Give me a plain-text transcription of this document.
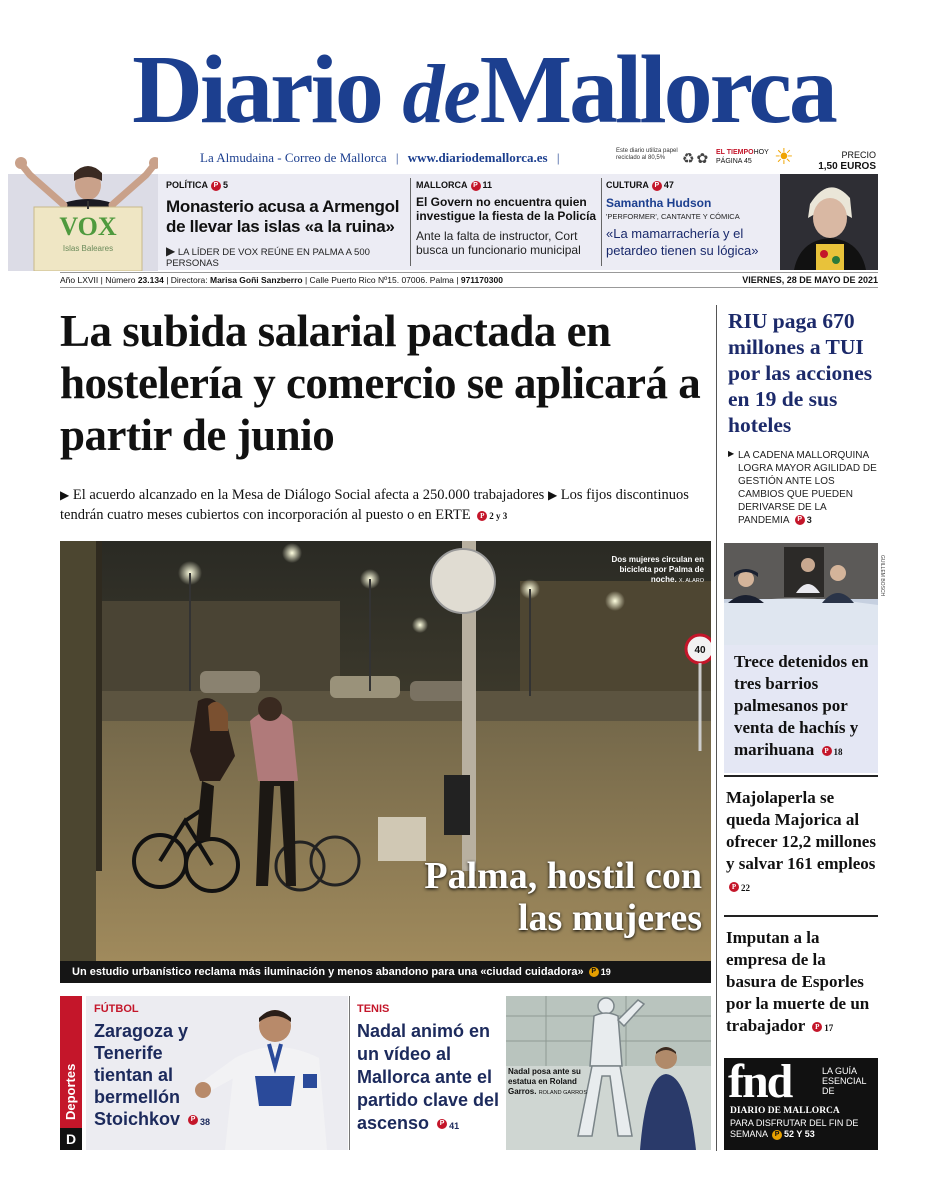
Diario deMallorca
La Almudaina - Correo de Mallorca | www.diariodemallorca.es |	Este diario utiliza papel reciclado al 80,5%	♻✿ EL TIEMPOHOY
PÁGINA 45	☀	PRECIO
1,50 EUROS
VOX
Islas Baleares
POLÍTICA P 5
Monasterio acusa a Armengol de llevar las islas «a la ruina»
▶ LA LÍDER DE VOX REÚNE EN PALMA A 500 PERSONAS
MALLORCA P 11
El Govern no encuentra quien investigue la fiesta de la Policía
Ante la falta de instructor, Cort busca un funcionario municipal
CULTURA P 47
Samantha Hudson
'PERFORMER', CANTANTE Y CÓMICA
«La mamarrachería y el petardeo tienen su lógica»
Año LXVII | Número 23.134 | Directora: Marisa Goñi Sanzberro | Calle Puerto Rico Nº15. 07006. Palma | 971170300	VIERNES, 28 DE MAYO DE 2021
La subida salarial pactada en hostelería y comercio se aplicará a partir de junio
▶ El acuerdo alcanzado en la Mesa de Diálogo Social afecta a 250.000 trabajadores ▶ Los fijos discontinuos tendrán cuatro meses cubiertos con incorporación al puesto o en ERTE P 2 y 3
40
Dos mujeres circulan en bicicleta por Palma de noche. X. ALARO
Palma, hostil con las mujeres
Un estudio urbanístico reclama más iluminación y menos abandono para una «ciudad cuidadora» P 19
RIU paga 670 millones a TUI por las acciones en 19 de sus hoteles
▶ LA CADENA MALLORQUINA LOGRA MAYOR AGILIDAD DE GESTIÓN ANTE LOS CAMBIOS QUE PUEDEN DERIVARSE DE LA PANDEMIA P 3
GUILLEM BOSCH
Trece detenidos en tres barrios palmesanos por venta de hachís y marihuana P 18
Majolaperla se queda Majorica al ofrecer 12,2 millones y salvar 161 empleos P 22
Imputan a la empresa de la basura de Esporles por la muerte de un trabajador P 17
fnd	LA GUÍA ESENCIAL DE
DIARIO DE MALLORCA
PARA DISFRUTAR DEL FIN DE SEMANA P 52 Y 53
Deportes
D
FÚTBOL
Zaragoza y Tenerife tientan al bermellón Stoichkov P 38
TENIS
Nadal animó en un vídeo al Mallorca ante el partido clave del ascenso P 41
Nadal posa ante su estatua en Roland Garros. ROLAND GARROS
